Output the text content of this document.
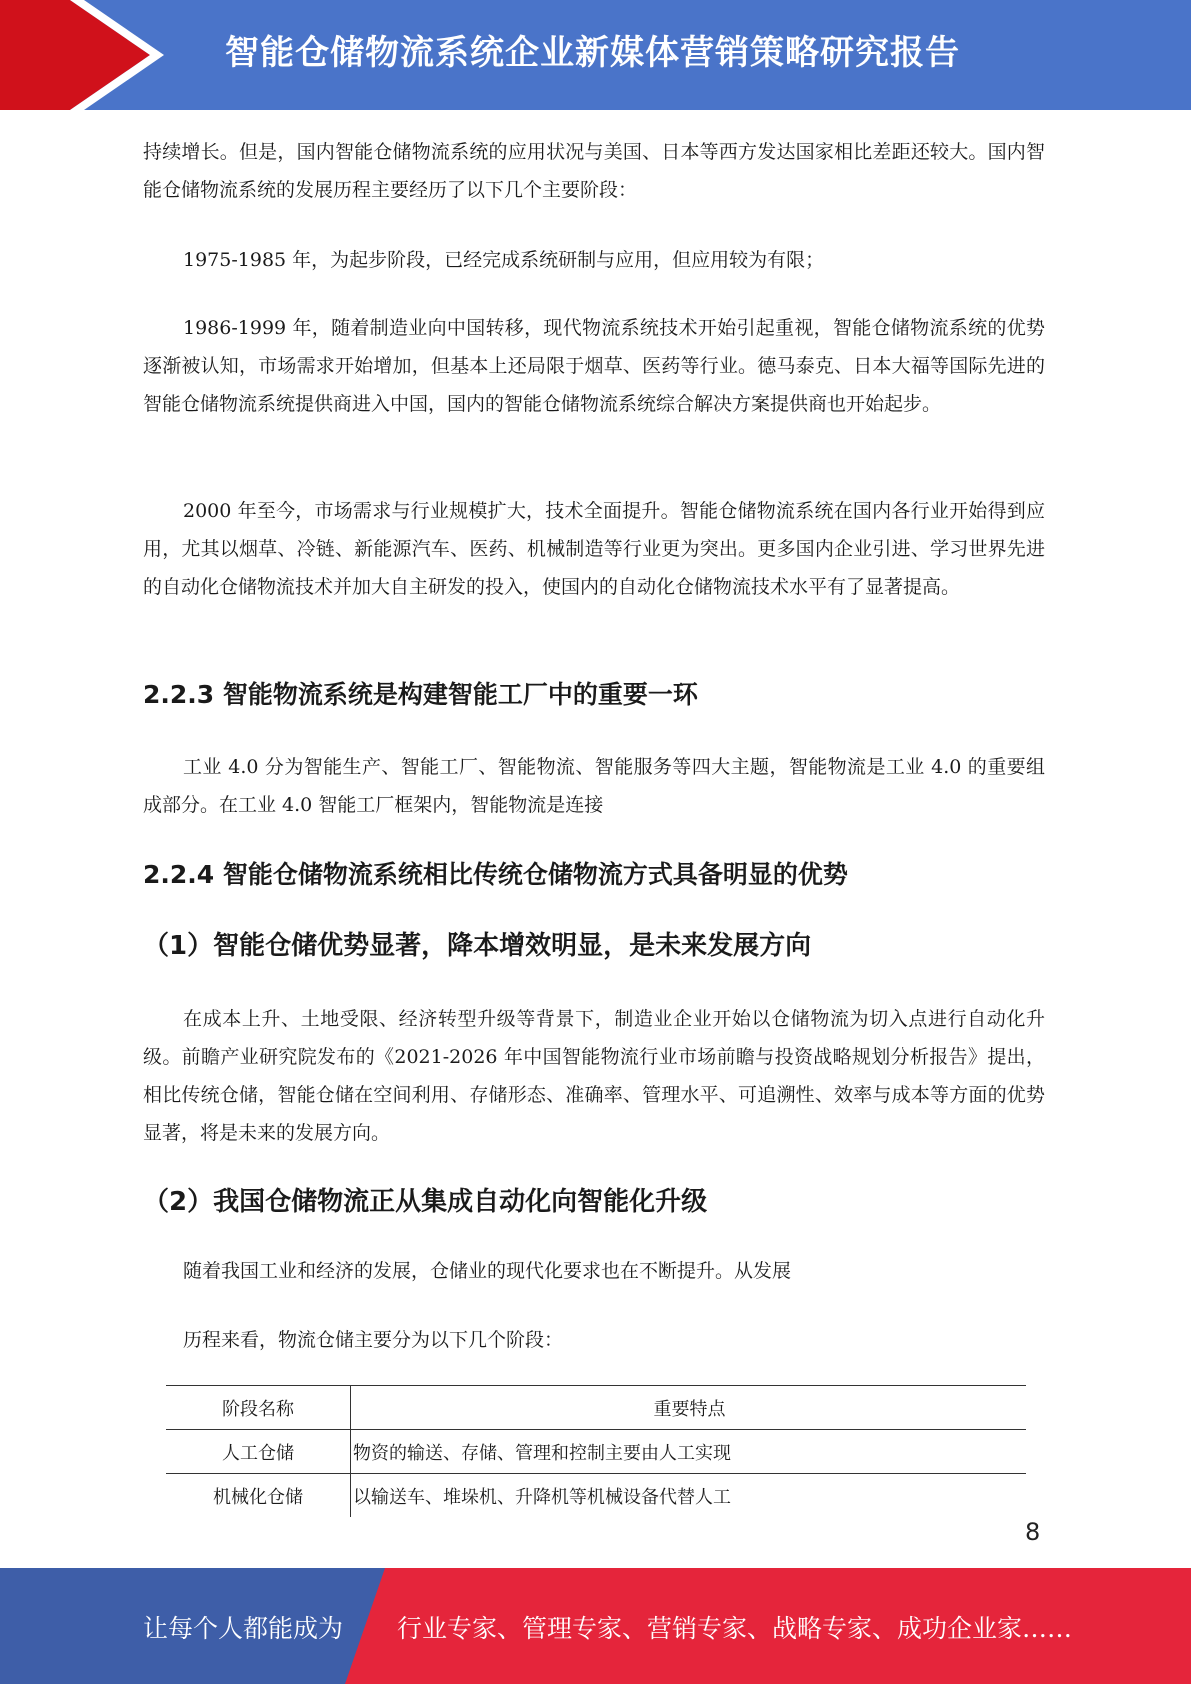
智能仓储物流系统企业新媒体营销策略研究报告

持续增长。但是，国内智能仓储物流系统的应用状况与美国、日本等西方发达国家相比差距还较大。国内智能仓储物流系统的发展历程主要经历了以下几个主要阶段：

1975-1985 年，为起步阶段，已经完成系统研制与应用，但应用较为有限；

1986-1999 年，随着制造业向中国转移，现代物流系统技术开始引起重视，智能仓储物流系统的优势逐渐被认知，市场需求开始增加，但基本上还局限于烟草、医药等行业。德马泰克、日本大福等国际先进的智能仓储物流系统提供商进入中国，国内的智能仓储物流系统综合解决方案提供商也开始起步。

2000 年至今，市场需求与行业规模扩大，技术全面提升。智能仓储物流系统在国内各行业开始得到应用，尤其以烟草、冷链、新能源汽车、医药、机械制造等行业更为突出。更多国内企业引进、学习世界先进的自动化仓储物流技术并加大自主研发的投入，使国内的自动化仓储物流技术水平有了显著提高。

2.2.3 智能物流系统是构建智能工厂中的重要一环

工业 4.0 分为智能生产、智能工厂、智能物流、智能服务等四大主题，智能物流是工业 4.0 的重要组成部分。在工业 4.0 智能工厂框架内，智能物流是连接

2.2.4 智能仓储物流系统相比传统仓储物流方式具备明显的优势
（1）智能仓储优势显著，降本增效明显，是未来发展方向

在成本上升、土地受限、经济转型升级等背景下，制造业企业开始以仓储物流为切入点进行自动化升级。前瞻产业研究院发布的《2021-2026 年中国智能物流行业市场前瞻与投资战略规划分析报告》提出，相比传统仓储，智能仓储在空间利用、存储形态、准确率、管理水平、可追溯性、效率与成本等方面的优势显著，将是未来的发展方向。

（2）我国仓储物流正从集成自动化向智能化升级

随着我国工业和经济的发展，仓储业的现代化要求也在不断提升。从发展

历程来看，物流仓储主要分为以下几个阶段：

阶段名称	重要特点
人工仓储	物资的输送、存储、管理和控制主要由人工实现
机械化仓储	以输送车、堆垛机、升降机等机械设备代替人工
8
让每个人都能成为 行业专家、管理专家、营销专家、战略专家、成功企业家……
